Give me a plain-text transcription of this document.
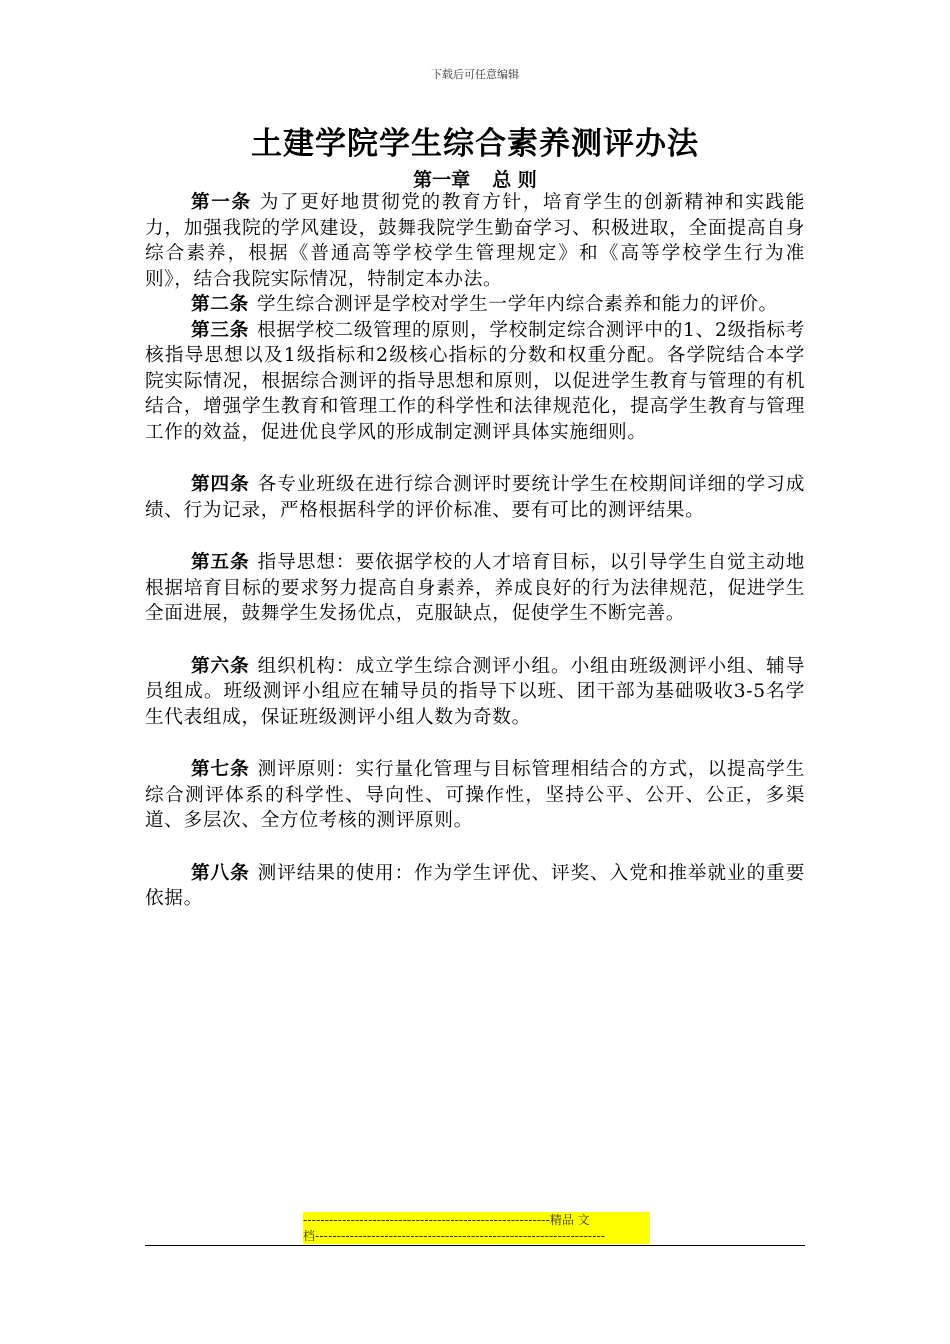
下载后可任意编辑
土建学院学生综合素养测评办法
第一章 总 则

第一条 为了更好地贯彻党的教育方针，培育学生的创新精神和实践能力，加强我院的学风建设，鼓舞我院学生勤奋学习、积极进取，全面提高自身综合素养，根据《普通高等学校学生管理规定》和《高等学校学生行为准则》，结合我院实际情况，特制定本办法。

第二条 学生综合测评是学校对学生一学年内综合素养和能力的评价。

第三条 根据学校二级管理的原则，学校制定综合测评中的1、2级指标考核指导思想以及1级指标和2级核心指标的分数和权重分配。各学院结合本学院实际情况，根据综合测评的指导思想和原则，以促进学生教育与管理的有机结合，增强学生教育和管理工作的科学性和法律规范化，提高学生教育与管理工作的效益，促进优良学风的形成制定测评具体实施细则。

第四条 各专业班级在进行综合测评时要统计学生在校期间详细的学习成绩、行为记录，严格根据科学的评价标准、要有可比的测评结果。

第五条 指导思想：要依据学校的人才培育目标，以引导学生自觉主动地根据培育目标的要求努力提高自身素养，养成良好的行为法律规范，促进学生全面进展，鼓舞学生发扬优点，克服缺点，促使学生不断完善。

第六条 组织机构：成立学生综合测评小组。小组由班级测评小组、辅导员组成。班级测评小组应在辅导员的指导下以班、团干部为基础吸收3-5名学生代表组成，保证班级测评小组人数为奇数。

第七条 测评原则：实行量化管理与目标管理相结合的方式，以提高学生综合测评体系的科学性、导向性、可操作性，坚持公平、公开、公正，多渠道、多层次、全方位考核的测评原则。

第八条 测评结果的使用：作为学生评优、评奖、入党和推举就业的重要依据。

---------------------------------------------------------精品 文
档-------------------------------------------------------------------
